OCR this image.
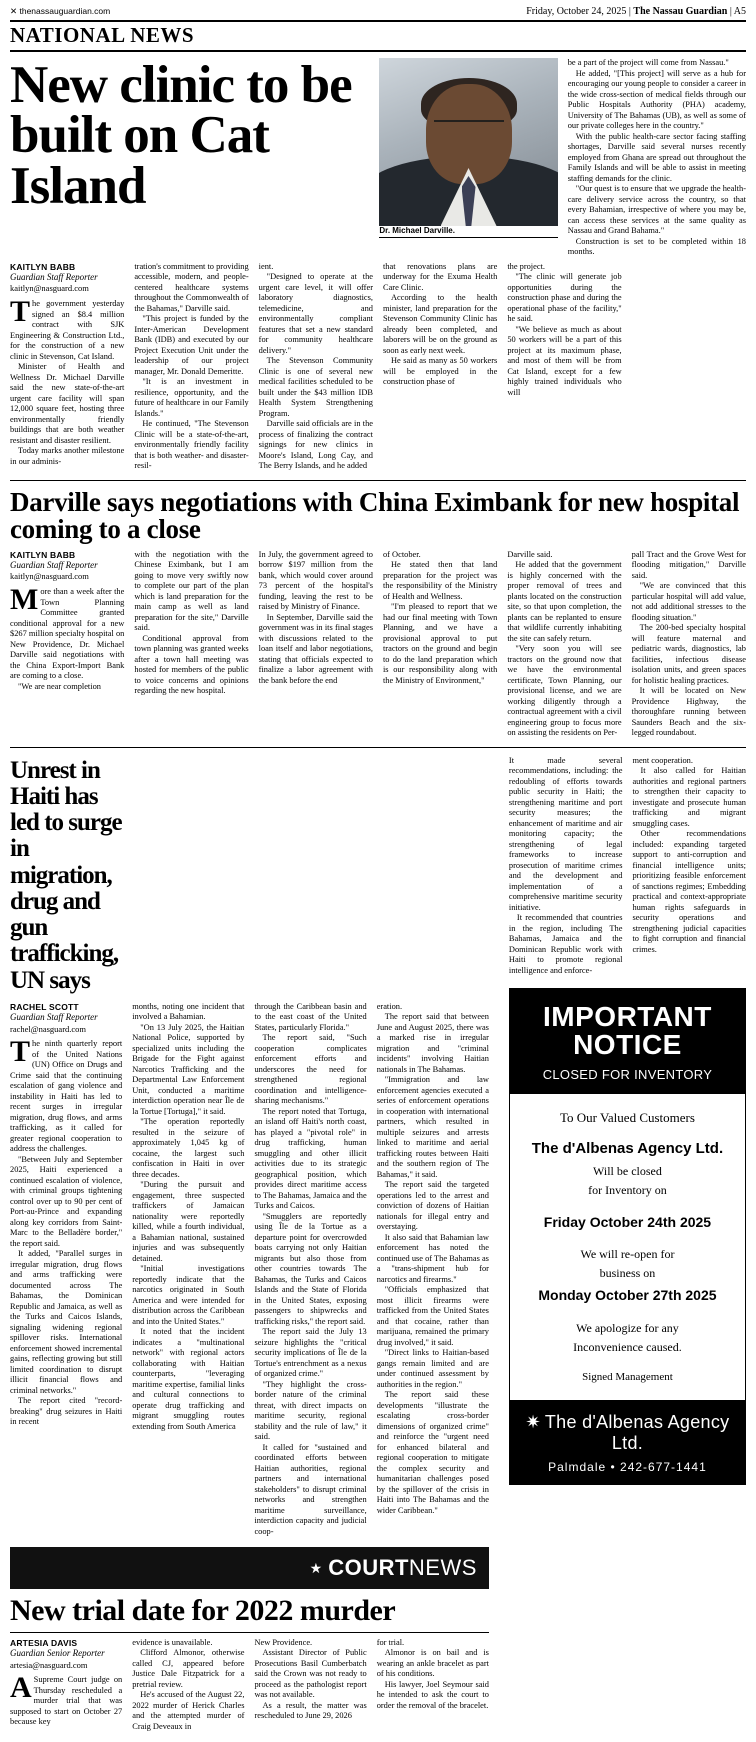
✕ thenassauguardian.com	Friday, October 24, 2025 | The Nassau Guardian | A5
NATIONAL NEWS
New clinic to be built on Cat Island
Dr. Michael Darville.

be a part of the project will come from Nassau."

He added, "[This project] will serve as a hub for encouraging our young people to consider a career in the wide cross-section of medical fields through our Public Hospitals Authority (PHA) academy, University of The Bahamas (UB), as well as some of our private colleges here in the country."

With the public health-care sector facing staffing shortages, Darville said several nurses recently employed from Ghana are spread out throughout the Family Islands and will be able to assist in meeting staffing demands for the clinic.

"Our quest is to ensure that we upgrade the health-care delivery service across the country, so that every Bahamian, irrespective of where you may be, can access these services at the same quality as Nassau and Grand Bahama."

Construction is set to be completed within 18 months.

KAITLYN BABB
Guardian Staff Reporter
kaitlyn@nasguard.com

The government yesterday signed an $8.4 million contract with SJK Engineering & Construction Ltd., for the construction of a new clinic in Stevenson, Cat Island.

Minister of Health and Wellness Dr. Michael Darville said the new state-of-the-art urgent care facility will span 12,000 square feet, hosting three environmentally friendly buildings that are both weather resistant and disaster resilient.

Today marks another milestone in our adminis-

tration's commitment to providing accessible, modern, and people-centered healthcare systems throughout the Commonwealth of the Bahamas," Darville said.

"This project is funded by the Inter-American Development Bank (IDB) and executed by our Project Execution Unit under the leadership of our project manager, Mr. Donald Demeritte.

"It is an investment in resilience, opportunity, and the future of healthcare in our Family Islands."

He continued, "The Stevenson Clinic will be a state-of-the-art, environmentally friendly facility that is both weather- and disaster-resil-

ient.

"Designed to operate at the urgent care level, it will offer laboratory diagnostics, telemedicine, and environmentally compliant features that set a new standard for community healthcare delivery."

The Stevenson Community Clinic is one of several new medical facilities scheduled to be built under the $43 million IDB Health System Strengthening Program.

Darville said officials are in the process of finalizing the contract signings for new clinics in Moore's Island, Long Cay, and The Berry Islands, and he added

that renovations plans are underway for the Exuma Health Care Clinic.

According to the health minister, land preparation for the Stevenson Community Clinic has already been completed, and laborers will be on the ground as soon as early next week.

He said as many as 50 workers will be employed in the construction phase of

the project.

"The clinic will generate job opportunities during the construction phase and during the operational phase of the facility," he said.

"We believe as much as about 50 workers will be a part of this project at its maximum phase, and most of them will be from Cat Island, except for a few highly trained individuals who will

Darville says negotiations with China Eximbank for new hospital coming to a close
KAITLYN BABB
Guardian Staff Reporter
kaitlyn@nasguard.com

More than a week after the Town Planning Committee granted conditional approval for a new $267 million specialty hospital on New Providence, Dr. Michael Darville said negotiations with the China Export-Import Bank are coming to a close.

"We are near completion

with the negotiation with the Chinese Eximbank, but I am going to move very swiftly now to complete our part of the plan which is land preparation for the main camp as well as land preparation for the site," Darville said.

Conditional approval from town planning was granted weeks after a town hall meeting was hosted for members of the public to voice concerns and opinions regarding the new hospital.

In July, the government agreed to borrow $197 million from the bank, which would cover around 73 percent of the hospital's funding, leaving the rest to be raised by Ministry of Finance.

In September, Darville said the government was in its final stages with discussions related to the loan itself and labor negotiations, stating that officials expected to finalize a labor agreement with the bank before the end

of October.

He stated then that land preparation for the project was the responsibility of the Ministry of Health and Wellness.

"I'm pleased to report that we had our final meeting with Town Planning, and we have a provisional approval to put tractors on the ground and begin to do the land preparation which is our responsibility along with the Ministry of Environment,"

Darville said.

He added that the government is highly concerned with the proper removal of trees and plants located on the construction site, so that upon completion, the plants can be replanted to ensure that wildlife currently inhabiting the site can safely return.

"Very soon you will see tractors on the ground now that we have the environmental certificate, Town Planning, our provisional license, and we are working diligently through a contractual agreement with a civil engineering group to focus more on assisting the residents on Per-

pall Tract and the Grove West for flooding mitigation," Darville said.

"We are convinced that this particular hospital will add value, not add additional stresses to the flooding situation."

The 200-bed specialty hospital will feature maternal and pediatric wards, diagnostics, lab facilities, infectious disease isolation units, and green spaces for holistic healing practices.

It will be located on New Providence Highway, the thoroughfare running between Saunders Beach and the six-legged roundabout.

Unrest in Haiti has led to surge in migration, drug and gun trafficking, UN says
RACHEL SCOTT
Guardian Staff Reporter
rachel@nasguard.com

The ninth quarterly report of the United Nations (UN) Office on Drugs and Crime said that the continuing escalation of gang violence and instability in Haiti has led to recent surges in irregular migration, drug flows, and arms trafficking, as it called for greater regional cooperation to address the challenges.

"Between July and September 2025, Haiti experienced a continued escalation of violence, with criminal groups tightening control over up to 90 per cent of Port-au-Prince and expanding along key corridors from Saint-Marc to the Belladère border," the report said.

It added, "Parallel surges in irregular migration, drug flows and arms trafficking were documented across The Bahamas, the Dominican Republic and Jamaica, as well as the Turks and Caicos Islands, signaling widening regional spillover risks. International enforcement showed incremental gains, reflecting growing but still limited coordination to disrupt illicit financial flows and criminal networks."

The report cited "record-breaking" drug seizures in Haiti in recent

months, noting one incident that involved a Bahamian.

"On 13 July 2025, the Haitian National Police, supported by specialized units including the Brigade for the Fight against Narcotics Trafficking and the Departmental Law Enforcement Unit, conducted a maritime interdiction operation near Île de la Tortue [Tortuga]," it said.

"The operation reportedly resulted in the seizure of approximately 1,045 kg of cocaine, the largest such confiscation in Haiti in over three decades.

"During the pursuit and engagement, three suspected traffickers of Jamaican nationality were reportedly killed, while a fourth individual, a Bahamian national, sustained injuries and was subsequently detained.

"Initial investigations reportedly indicate that the narcotics originated in South America and were intended for distribution across the Caribbean and into the United States."

It noted that the incident indicates a "multinational network" with regional actors collaborating with Haitian counterparts, "leveraging maritime expertise, familial links and cultural connections to operate drug trafficking and migrant smuggling routes extending from South America

through the Caribbean basin and to the east coast of the United States, particularly Florida."

The report said, "Such cooperation complicates enforcement efforts and underscores the need for strengthened regional coordination and intelligence-sharing mechanisms."

The report noted that Tortuga, an island off Haiti's north coast, has played a "pivotal role" in drug trafficking, human smuggling and other illicit activities due to its strategic geographical position, which provides direct maritime access to The Bahamas, Jamaica and the Turks and Caicos.

"Smugglers are reportedly using Île de la Tortue as a departure point for overcrowded boats carrying not only Haitian migrants but also those from other countries towards The Bahamas, the Turks and Caicos Islands and the State of Florida in the United States, exposing passengers to shipwrecks and trafficking risks," the report said.

The report said the July 13 seizure highlights the "critical security implications of Île de la Tortue's entrenchment as a nexus of organized crime."

"They highlight the cross-border nature of the criminal threat, with direct impacts on maritime security, regional stability and the rule of law," it said.

It called for "sustained and coordinated efforts between Haitian authorities, regional partners and international stakeholders" to disrupt criminal networks and strengthen maritime surveillance, interdiction capacity and judicial coop-

eration.

The report said that between June and August 2025, there was a marked rise in irregular migration and "criminal incidents" involving Haitian nationals in The Bahamas.

"Immigration and law enforcement agencies executed a series of enforcement operations in cooperation with international partners, which resulted in multiple seizures and arrests linked to maritime and aerial trafficking routes between Haiti and the southern region of The Bahamas," it said.

The report said the targeted operations led to the arrest and conviction of dozens of Haitian nationals for illegal entry and overstaying.

It also said that Bahamian law enforcement has noted the continued use of The Bahamas as a "trans-shipment hub for narcotics and firearms."

"Officials emphasized that most illicit firearms were trafficked from the United States and that cocaine, rather than marijuana, remained the primary drug involved," it said.

"Direct links to Haitian-based gangs remain limited and are under continued assessment by authorities in the region."

The report said these developments "illustrate the escalating cross-border dimensions of organized crime" and reinforce the "urgent need for enhanced bilateral and regional cooperation to mitigate the complex security and humanitarian challenges posed by the spillover of the crisis in Haiti into The Bahamas and the wider Caribbean."

It made several recommendations, including: the redoubling of efforts towards public security in Haiti; the strengthening maritime and port security measures; the enhancement of maritime and air monitoring capacity; the strengthening of legal frameworks to increase prosecution of maritime crimes and the development and implementation of a comprehensive maritime security initiative.

It recommended that countries in the region, including The Bahamas, Jamaica and the Dominican Republic work with Haiti to promote regional intelligence and enforce-

ment cooperation.

It also called for Haitian authorities and regional partners to strengthen their capacity to investigate and prosecute human trafficking and migrant smuggling cases.

Other recommendations included: expanding targeted support to anti-corruption and financial intelligence units; prioritizing feasible enforcement of sanctions regimes; Embedding practical and context-appropriate human rights safeguards in security operations and strengthening judicial capacities to fight corruption and financial crimes.

IMPORTANT
NOTICE
CLOSED FOR INVENTORY
To Our Valued Customers
The d'Albenas Agency Ltd.
Will be closed
for Inventory on
Friday October 24th 2025
We will re-open for
business on
Monday October 27th 2025
We apologize for any
Inconvenience caused.
Signed Management
✷ The d'Albenas Agency Ltd.
Palmdale • 242-677-1441
★ COURTNEWS
New trial date for 2022 murder
ARTESIA DAVIS
Guardian Senior Reporter
artesia@nasguard.com

ASupreme Court judge on Thursday rescheduled a murder trial that was supposed to start on October 27 because key

evidence is unavailable.

Clifford Almonor, otherwise called CJ, appeared before Justice Dale Fitzpatrick for a pretrial review.

He's accused of the August 22, 2022 murder of Herick Charles and the attempted murder of Craig Deveaux in

New Providence.

Assistant Director of Public Prosecutions Basil Cumberbatch said the Crown was not ready to proceed as the pathologist report was not available.

As a result, the matter was rescheduled to June 29, 2026

for trial.

Almonor is on bail and is wearing an ankle bracelet as part of his conditions.

His lawyer, Joel Seymour said he intended to ask the court to order the removal of the bracelet.
